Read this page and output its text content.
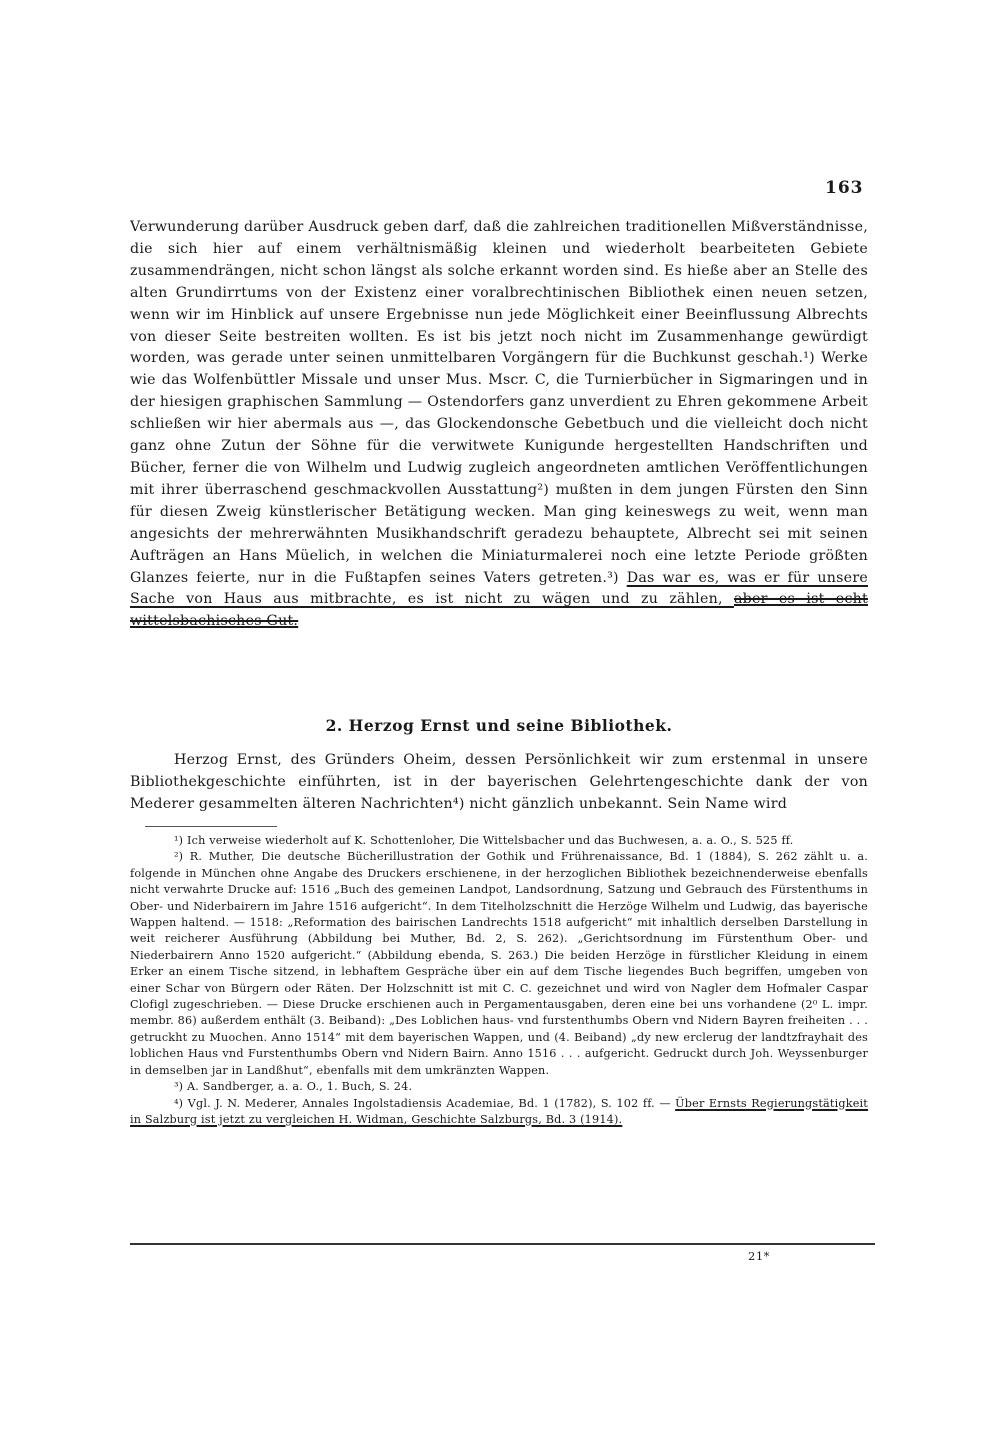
163

Verwunderung darüber Ausdruck geben darf, daß die zahlreichen traditionellen Mißverständnisse, die sich hier auf einem verhältnismäßig kleinen und wiederholt bearbeiteten Gebiete zusammendrängen, nicht schon längst als solche erkannt worden sind. Es hieße aber an Stelle des alten Grundirrtums von der Existenz einer voralbrechtinischen Bibliothek einen neuen setzen, wenn wir im Hinblick auf unsere Ergebnisse nun jede Möglichkeit einer Beeinflussung Albrechts von dieser Seite bestreiten wollten. Es ist bis jetzt noch nicht im Zusammenhange gewürdigt worden, was gerade unter seinen unmittelbaren Vorgängern für die Buchkunst geschah.¹) Werke wie das Wolfenbüttler Missale und unser Mus. Mscr. C, die Turnierbücher in Sigmaringen und in der hiesigen graphischen Sammlung — Ostendorfers ganz unverdient zu Ehren gekommene Arbeit schließen wir hier abermals aus —, das Glockendonsche Gebetbuch und die vielleicht doch nicht ganz ohne Zutun der Söhne für die verwitwete Kunigunde hergestellten Handschriften und Bücher, ferner die von Wilhelm und Ludwig zugleich angeordneten amtlichen Veröffentlichungen mit ihrer überraschend geschmackvollen Ausstattung²) mußten in dem jungen Fürsten den Sinn für diesen Zweig künstlerischer Betätigung wecken. Man ging keineswegs zu weit, wenn man angesichts der mehrerwähnten Musikhandschrift geradezu behauptete, Albrecht sei mit seinen Aufträgen an Hans Müelich, in welchen die Miniaturmalerei noch eine letzte Periode größten Glanzes feierte, nur in die Fußtapfen seines Vaters getreten.³) Das war es, was er für unsere Sache von Haus aus mitbrachte, es ist nicht zu wägen und zu zählen, aber es ist echt wittelsbachisches Gut.

2. Herzog Ernst und seine Bibliothek.

Herzog Ernst, des Gründers Oheim, dessen Persönlichkeit wir zum erstenmal in unsere Bibliothekgeschichte einführten, ist in der bayerischen Gelehrtengeschichte dank der von Mederer gesammelten älteren Nachrichten⁴) nicht gänzlich unbekannt. Sein Name wird

¹) Ich verweise wiederholt auf K. Schottenloher, Die Wittelsbacher und das Buchwesen, a. a. O., S. 525 ff.

²) R. Muther, Die deutsche Bücherillustration der Gothik und Frührenaissance, Bd. 1 (1884), S. 262 zählt u. a. folgende in München ohne Angabe des Druckers erschienene, in der herzoglichen Bibliothek bezeichnenderweise ebenfalls nicht verwahrte Drucke auf: 1516 „Buch des gemeinen Landpot, Landsordnung, Satzung und Gebrauch des Fürstenthums in Ober- und Niderbairern im Jahre 1516 aufgericht“. In dem Titelholzschnitt die Herzöge Wilhelm und Ludwig, das bayerische Wappen haltend. — 1518: „Reformation des bairischen Landrechts 1518 aufgericht“ mit inhaltlich derselben Darstellung in weit reicherer Ausführung (Abbildung bei Muther, Bd. 2, S. 262). „Gerichtsordnung im Fürstenthum Ober- und Niederbairern Anno 1520 aufgericht.“ (Abbildung ebenda, S. 263.) Die beiden Herzöge in fürstlicher Kleidung in einem Erker an einem Tische sitzend, in lebhaftem Gespräche über ein auf dem Tische liegendes Buch begriffen, umgeben von einer Schar von Bürgern oder Räten. Der Holzschnitt ist mit C. C. gezeichnet und wird von Nagler dem Hofmaler Caspar Clofigl zugeschrieben. — Diese Drucke erschienen auch in Pergamentausgaben, deren eine bei uns vorhandene (2⁰ L. impr. membr. 86) außerdem enthält (3. Beiband): „Des Loblichen haus- vnd furstenthumbs Obern vnd Nidern Bayren freiheiten . . . getruckht zu Muochen. Anno 1514“ mit dem bayerischen Wappen, und (4. Beiband) „dy new erclerug der landtzfrayhait des loblichen Haus vnd Furstenthumbs Obern vnd Nidern Bairn. Anno 1516 . . . aufgericht. Gedruckt durch Joh. Weyssenburger in demselben jar in Landßhut“, ebenfalls mit dem umkränzten Wappen.

³) A. Sandberger, a. a. O., 1. Buch, S. 24.

⁴) Vgl. J. N. Mederer, Annales Ingolstadiensis Academiae, Bd. 1 (1782), S. 102 ff. — Über Ernsts Regierungstätigkeit in Salzburg ist jetzt zu vergleichen H. Widman, Geschichte Salzburgs, Bd. 3 (1914).

21*
